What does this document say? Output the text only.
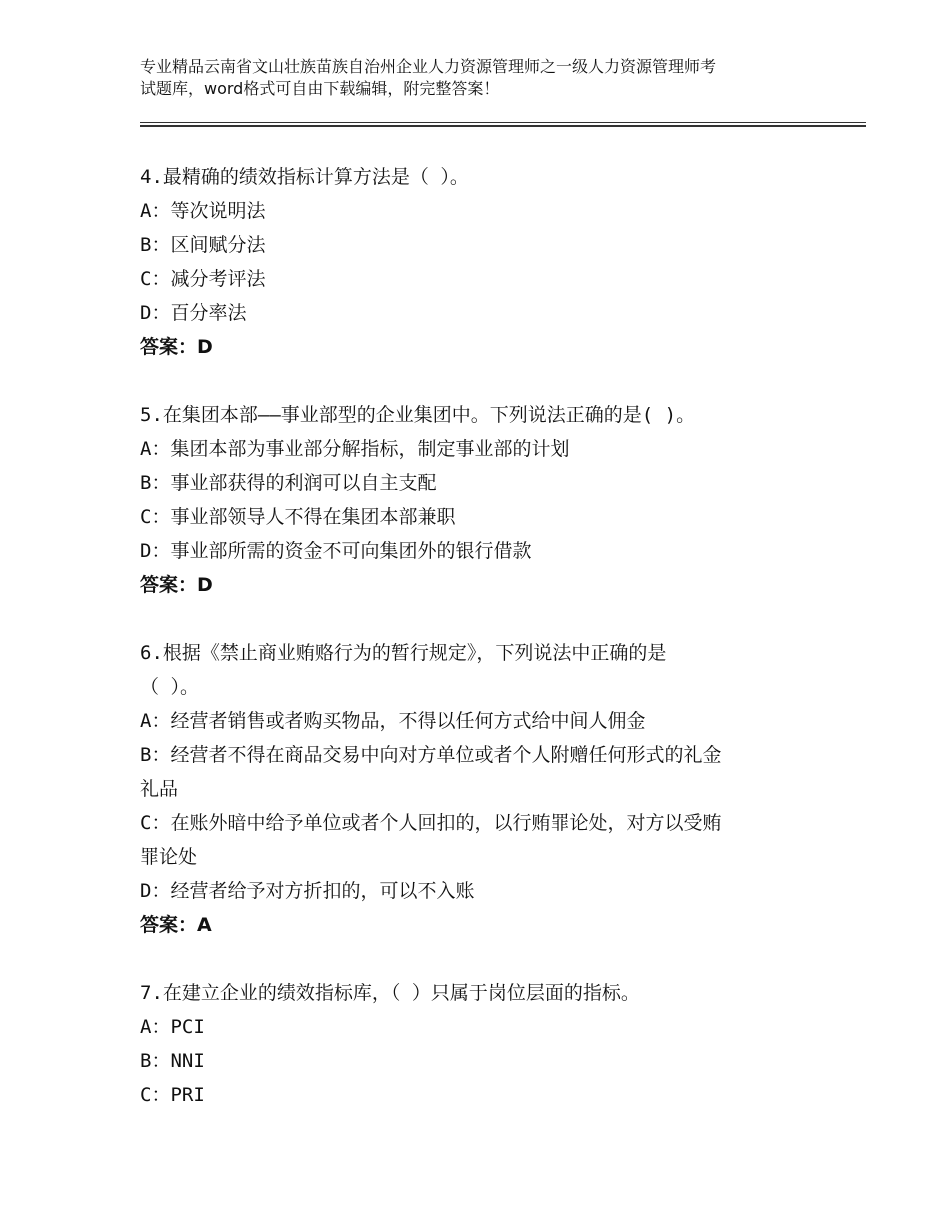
专业精品云南省文山壮族苗族自治州企业人力资源管理师之一级人力资源管理师考
试题库，word格式可自由下载编辑，附完整答案！
4.最精确的绩效指标计算方法是（ ）。
A：等次说明法
B：区间赋分法
C：减分考评法
D：百分率法
答案：D
5.在集团本部——事业部型的企业集团中。下列说法正确的是( )。
A：集团本部为事业部分解指标，制定事业部的计划
B：事业部获得的利润可以自主支配
C：事业部领导人不得在集团本部兼职
D：事业部所需的资金不可向集团外的银行借款
答案：D
6.根据《禁止商业贿赂行为的暂行规定》，下列说法中正确的是
（ ）。
A：经营者销售或者购买物品，不得以任何方式给中间人佣金
B：经营者不得在商品交易中向对方单位或者个人附赠任何形式的礼金
礼品
C：在账外暗中给予单位或者个人回扣的，以行贿罪论处，对方以受贿
罪论处
D：经营者给予对方折扣的，可以不入账
答案：A
7.在建立企业的绩效指标库，（ ）只属于岗位层面的指标。
A：PCI
B：NNI
C：PRI
